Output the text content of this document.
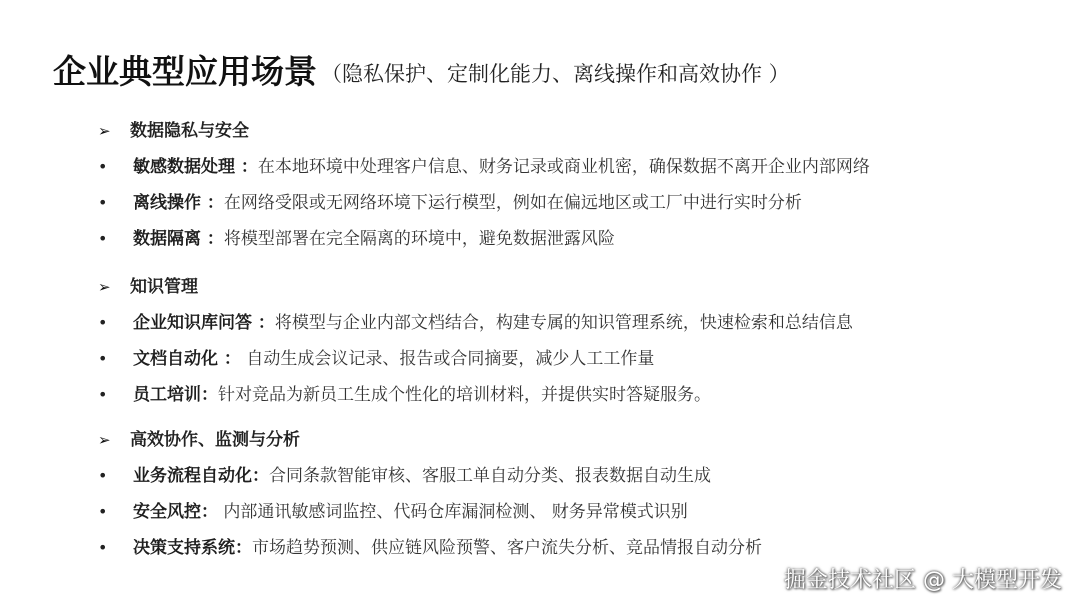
企业典型应用场景 （隐私保护、定制化能力、离线操作和高效协作 ）
➢	数据隐私与安全
• 敏感数据处理 ：在本地环境中处理客户信息、财务记录或商业机密，确保数据不离开企业内部网络
• 离线操作 ：在网络受限或无网络环境下运行模型，例如在偏远地区或工厂中进行实时分析
• 数据隔离 ：将模型部署在完全隔离的环境中，避免数据泄露风险
➢	知识管理
• 企业知识库问答 ：将模型与企业内部文档结合，构建专属的知识管理系统，快速检索和总结信息
• 文档自动化 ： 自动生成会议记录、报告或合同摘要，减少人工工作量
• 员工培训：针对竞品为新员工生成个性化的培训材料，并提供实时答疑服务。
➢	高效协作、监测与分析
• 业务流程自动化：合同条款智能审核、客服工单自动分类、报表数据自动生成
• 安全风控： 内部通讯敏感词监控、代码仓库漏洞检测、 财务异常模式识别
• 决策支持系统：市场趋势预测、供应链风险预警、客户流失分析、竞品情报自动分析
掘金技术社区 @ 大模型开发
